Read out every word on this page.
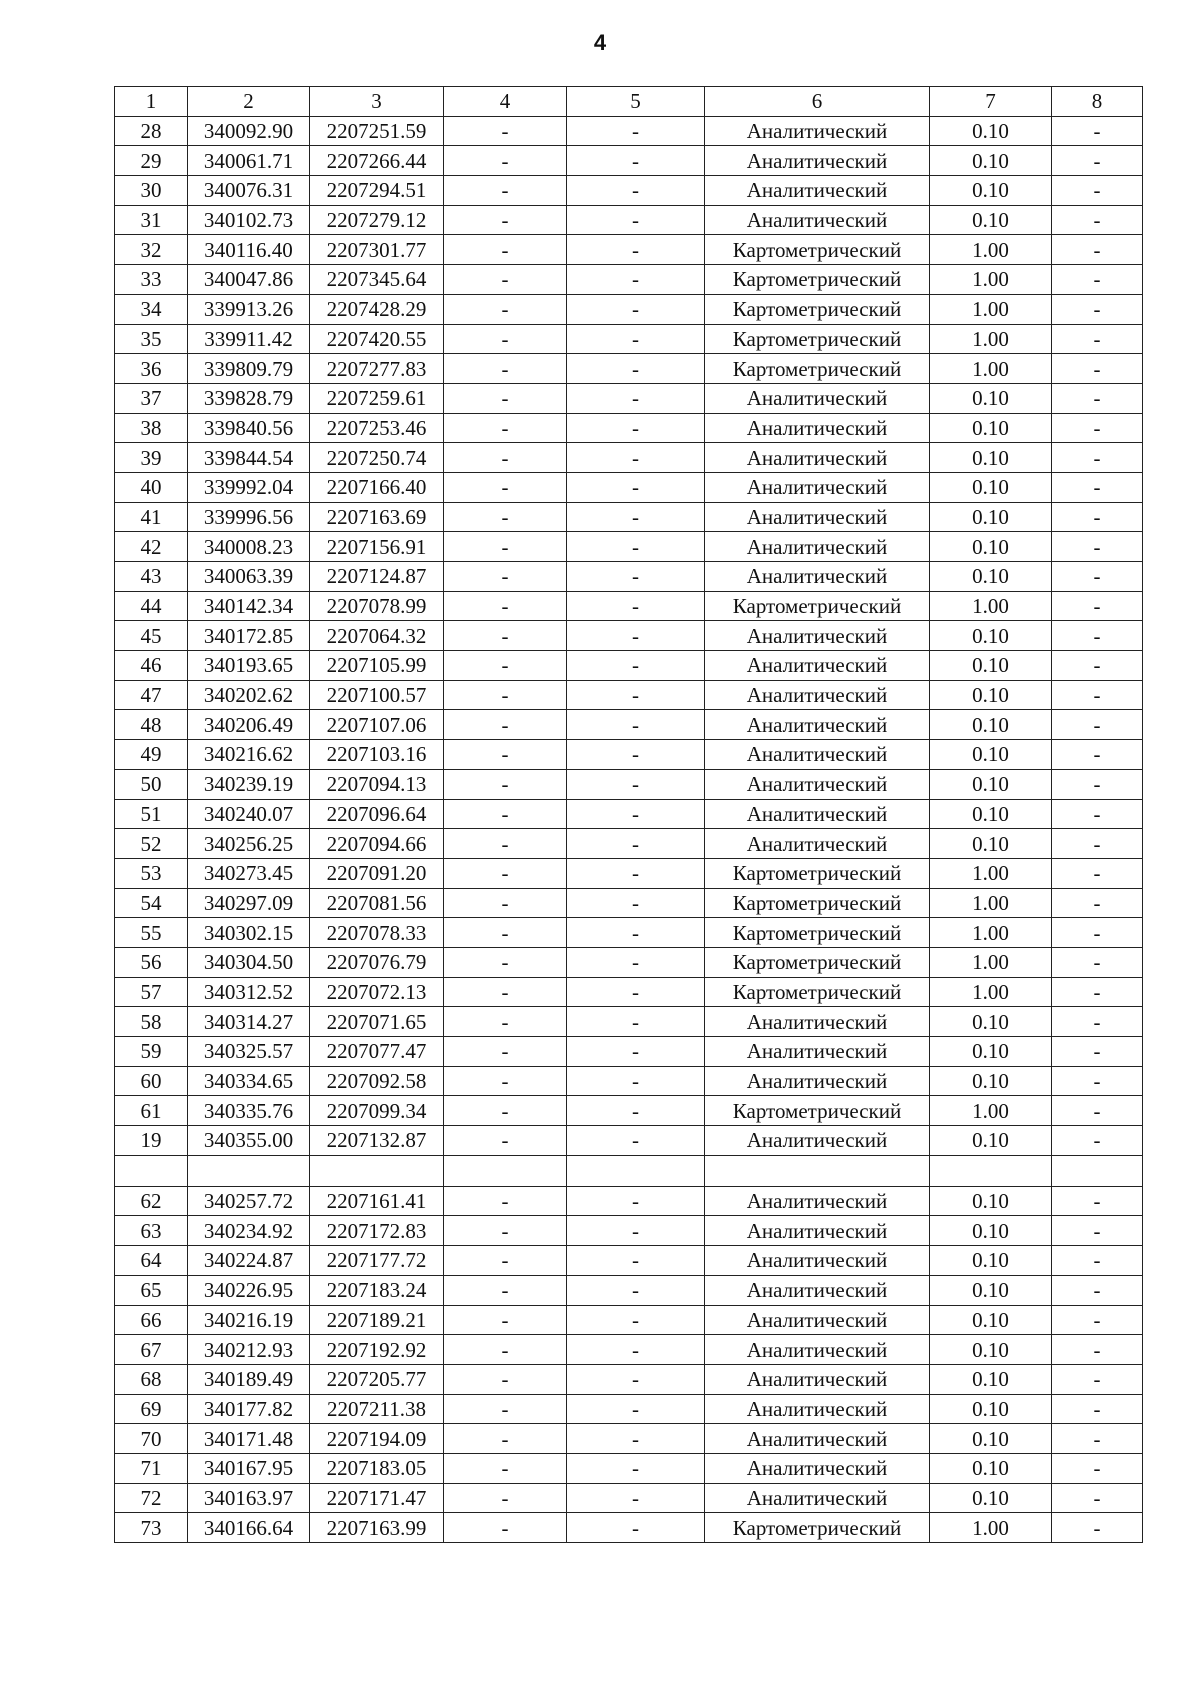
4
1	2	3	4	5	6	7	8
28	340092.90	2207251.59	-	-	Аналитический	0.10	-
29	340061.71	2207266.44	-	-	Аналитический	0.10	-
30	340076.31	2207294.51	-	-	Аналитический	0.10	-
31	340102.73	2207279.12	-	-	Аналитический	0.10	-
32	340116.40	2207301.77	-	-	Картометрический	1.00	-
33	340047.86	2207345.64	-	-	Картометрический	1.00	-
34	339913.26	2207428.29	-	-	Картометрический	1.00	-
35	339911.42	2207420.55	-	-	Картометрический	1.00	-
36	339809.79	2207277.83	-	-	Картометрический	1.00	-
37	339828.79	2207259.61	-	-	Аналитический	0.10	-
38	339840.56	2207253.46	-	-	Аналитический	0.10	-
39	339844.54	2207250.74	-	-	Аналитический	0.10	-
40	339992.04	2207166.40	-	-	Аналитический	0.10	-
41	339996.56	2207163.69	-	-	Аналитический	0.10	-
42	340008.23	2207156.91	-	-	Аналитический	0.10	-
43	340063.39	2207124.87	-	-	Аналитический	0.10	-
44	340142.34	2207078.99	-	-	Картометрический	1.00	-
45	340172.85	2207064.32	-	-	Аналитический	0.10	-
46	340193.65	2207105.99	-	-	Аналитический	0.10	-
47	340202.62	2207100.57	-	-	Аналитический	0.10	-
48	340206.49	2207107.06	-	-	Аналитический	0.10	-
49	340216.62	2207103.16	-	-	Аналитический	0.10	-
50	340239.19	2207094.13	-	-	Аналитический	0.10	-
51	340240.07	2207096.64	-	-	Аналитический	0.10	-
52	340256.25	2207094.66	-	-	Аналитический	0.10	-
53	340273.45	2207091.20	-	-	Картометрический	1.00	-
54	340297.09	2207081.56	-	-	Картометрический	1.00	-
55	340302.15	2207078.33	-	-	Картометрический	1.00	-
56	340304.50	2207076.79	-	-	Картометрический	1.00	-
57	340312.52	2207072.13	-	-	Картометрический	1.00	-
58	340314.27	2207071.65	-	-	Аналитический	0.10	-
59	340325.57	2207077.47	-	-	Аналитический	0.10	-
60	340334.65	2207092.58	-	-	Аналитический	0.10	-
61	340335.76	2207099.34	-	-	Картометрический	1.00	-
19	340355.00	2207132.87	-	-	Аналитический	0.10	-

62	340257.72	2207161.41	-	-	Аналитический	0.10	-
63	340234.92	2207172.83	-	-	Аналитический	0.10	-
64	340224.87	2207177.72	-	-	Аналитический	0.10	-
65	340226.95	2207183.24	-	-	Аналитический	0.10	-
66	340216.19	2207189.21	-	-	Аналитический	0.10	-
67	340212.93	2207192.92	-	-	Аналитический	0.10	-
68	340189.49	2207205.77	-	-	Аналитический	0.10	-
69	340177.82	2207211.38	-	-	Аналитический	0.10	-
70	340171.48	2207194.09	-	-	Аналитический	0.10	-
71	340167.95	2207183.05	-	-	Аналитический	0.10	-
72	340163.97	2207171.47	-	-	Аналитический	0.10	-
73	340166.64	2207163.99	-	-	Картометрический	1.00	-
